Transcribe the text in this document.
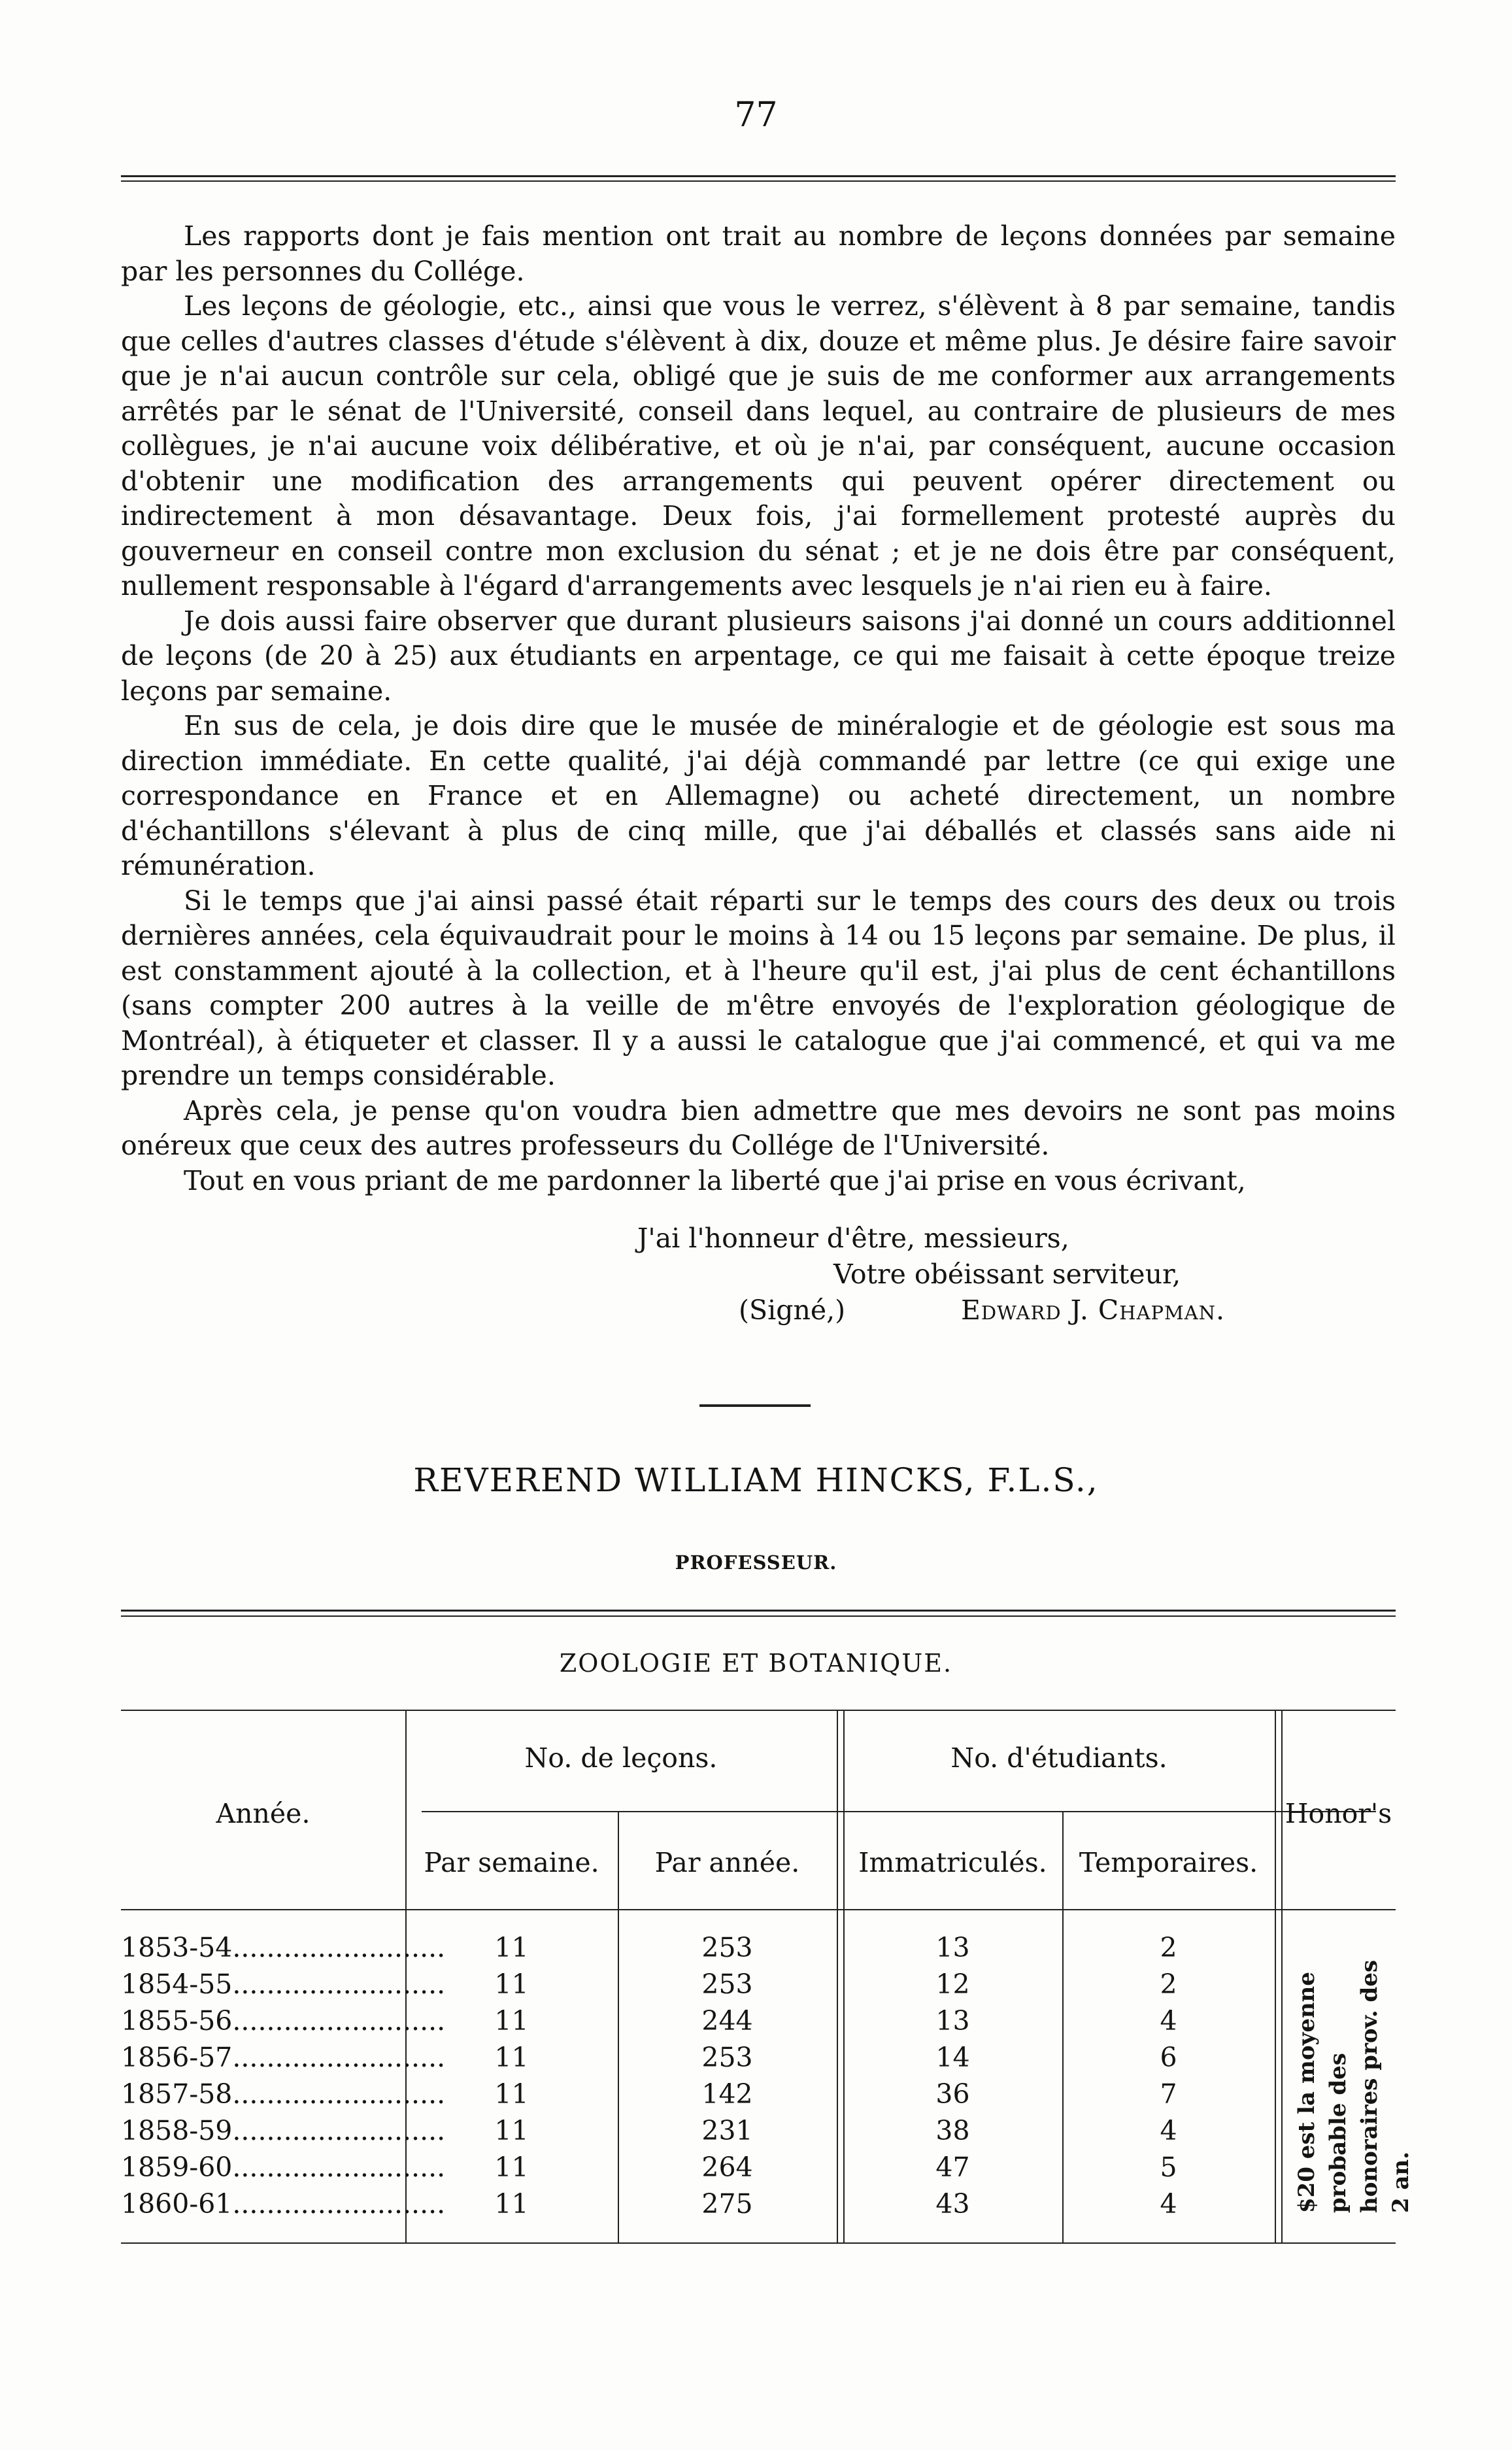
77

Les rapports dont je fais mention ont trait au nombre de leçons données par semaine par les personnes du Collége.

Les leçons de géologie, etc., ainsi que vous le verrez, s'élèvent à 8 par semaine, tandis que celles d'autres classes d'étude s'élèvent à dix, douze et même plus. Je désire faire savoir que je n'ai aucun contrôle sur cela, obligé que je suis de me conformer aux arrangements arrêtés par le sénat de l'Université, conseil dans lequel, au contraire de plusieurs de mes collègues, je n'ai aucune voix délibérative, et où je n'ai, par conséquent, aucune occasion d'obtenir une modification des arrangements qui peuvent opérer directement ou indirectement à mon désavantage. Deux fois, j'ai formellement protesté auprès du gouverneur en conseil contre mon exclusion du sénat ; et je ne dois être par conséquent, nullement responsable à l'égard d'arrangements avec lesquels je n'ai rien eu à faire.

Je dois aussi faire observer que durant plusieurs saisons j'ai donné un cours additionnel de leçons (de 20 à 25) aux étudiants en arpentage, ce qui me faisait à cette époque treize leçons par semaine.

En sus de cela, je dois dire que le musée de minéralogie et de géologie est sous ma direction immédiate. En cette qualité, j'ai déjà commandé par lettre (ce qui exige une correspondance en France et en Allemagne) ou acheté directement, un nombre d'échantillons s'élevant à plus de cinq mille, que j'ai déballés et classés sans aide ni rémunération.

Si le temps que j'ai ainsi passé était réparti sur le temps des cours des deux ou trois dernières années, cela équivaudrait pour le moins à 14 ou 15 leçons par semaine. De plus, il est constamment ajouté à la collection, et à l'heure qu'il est, j'ai plus de cent échantillons (sans compter 200 autres à la veille de m'être envoyés de l'exploration géologique de Montréal), à étiqueter et classer. Il y a aussi le catalogue que j'ai commencé, et qui va me prendre un temps considérable.

Après cela, je pense qu'on voudra bien admettre que mes devoirs ne sont pas moins onéreux que ceux des autres professeurs du Collége de l'Université.

Tout en vous priant de me pardonner la liberté que j'ai prise en vous écrivant,

J'ai l'honneur d'être, messieurs,
Votre obéissant serviteur,
(Signé,)	Edward J. Chapman.
REVEREND WILLIAM HINCKS, F.L.S.,
PROFESSEUR.
ZOOLOGIE ET BOTANIQUE.
Année.
No. de leçons.
Par semaine.	Par année.
No. d'étudiants.
Immatriculés.	Temporaires.
Honor's
1853-54.........................	11	253	13	2
1854-55.........................	11	253	12	2
1855-56.........................	11	244	13	4
1856-57.........................	11	253	14	6
1857-58.........................	11	142	36	7
1858-59.........................	11	231	38	4
1859-60.........................	11	264	47	5
1860-61.........................	11	275	43	4	$20 est la moyenne probable des honoraires prov. des 2 an.
